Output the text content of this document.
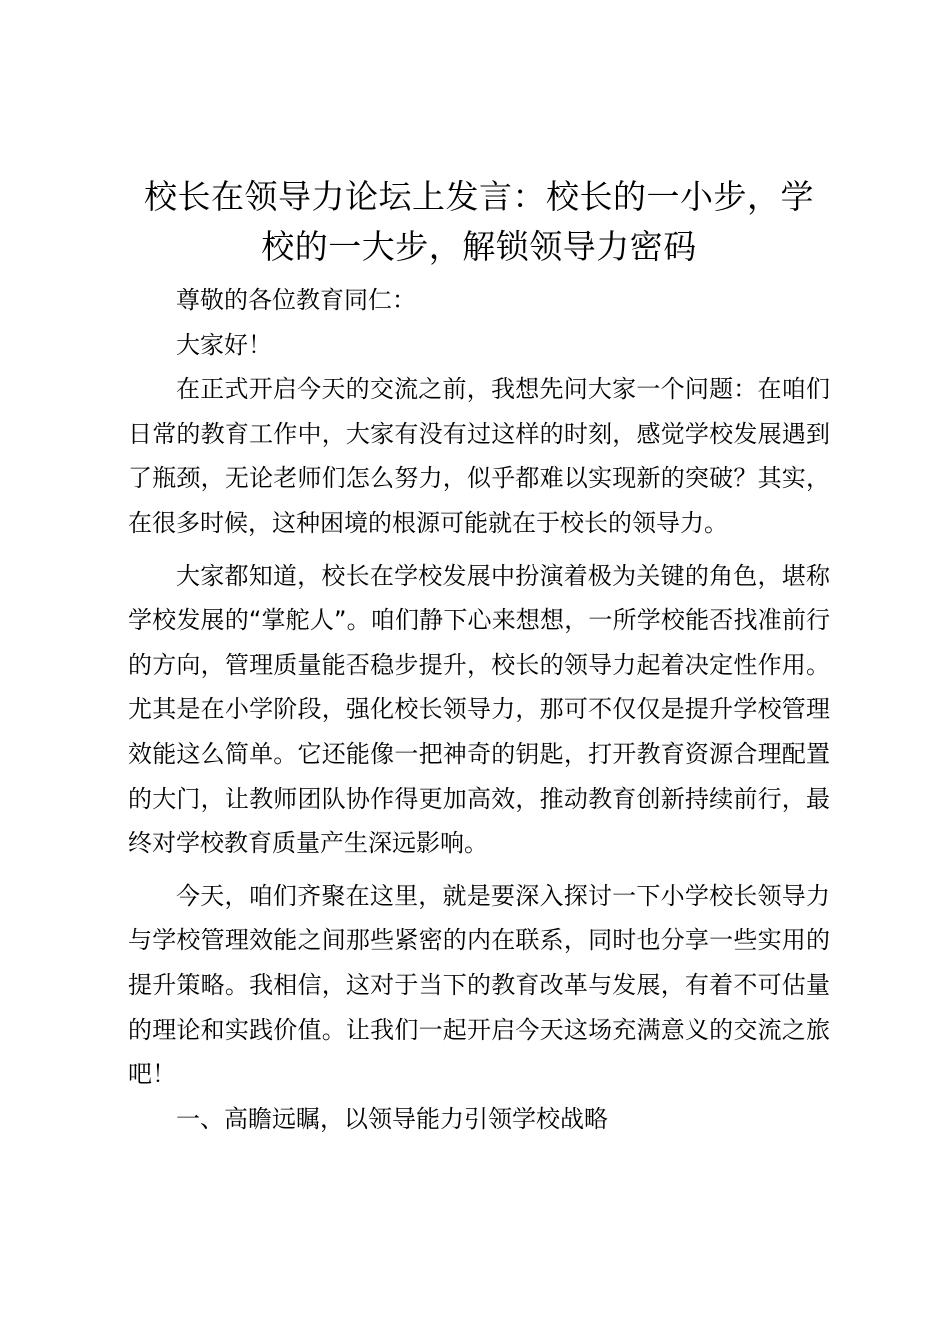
校长在领导力论坛上发言：校长的一小步，学
校的一大步，解锁领导力密码

尊敬的各位教育同仁：

大家好！

在正式开启今天的交流之前，我想先问大家一个问题：在咱们日常的教育工作中，大家有没有过这样的时刻，感觉学校发展遇到了瓶颈，无论老师们怎么努力，似乎都难以实现新的突破？其实，在很多时候，这种困境的根源可能就在于校长的领导力。

大家都知道，校长在学校发展中扮演着极为关键的角色，堪称学校发展的“掌舵人”。咱们静下心来想想，一所学校能否找准前行的方向，管理质量能否稳步提升，校长的领导力起着决定性作用。尤其是在小学阶段，强化校长领导力，那可不仅仅是提升学校管理效能这么简单。它还能像一把神奇的钥匙，打开教育资源合理配置的大门，让教师团队协作得更加高效，推动教育创新持续前行，最终对学校教育质量产生深远影响。

今天，咱们齐聚在这里，就是要深入探讨一下小学校长领导力与学校管理效能之间那些紧密的内在联系，同时也分享一些实用的提升策略。我相信，这对于当下的教育改革与发展，有着不可估量的理论和实践价值。让我们一起开启今天这场充满意义的交流之旅吧！

一、高瞻远瞩，以领导能力引领学校战略
